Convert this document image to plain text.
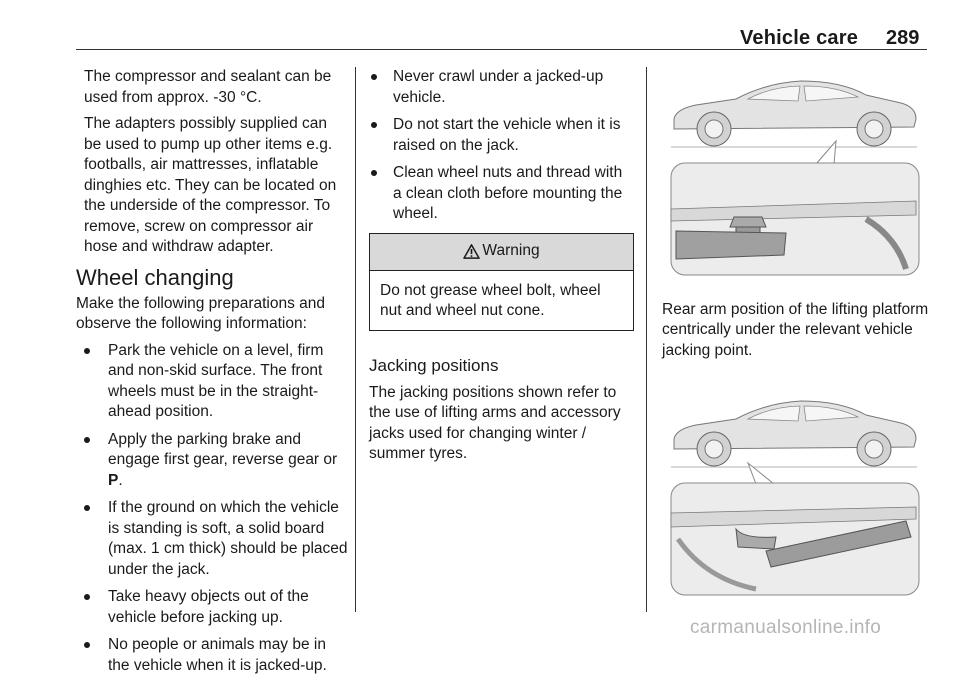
Vehicle care 289

The compressor and sealant can be used from approx. -30 °C.

The adapters possibly supplied can be used to pump up other items e.g. footballs, air mattresses, inflatable dinghies etc. They can be located on the underside of the compressor. To remove, screw on compressor air hose and withdraw adapter.

Wheel changing

Make the following preparations and observe the following information:

Park the vehicle on a level, firm and non-skid surface. The front wheels must be in the straight-ahead position.
Apply the parking brake and engage first gear, reverse gear or
P.
If the ground on which the vehicle is standing is soft, a solid board (max. 1 cm thick) should be placed under the jack.
Take heavy objects out of the vehicle before jacking up.
No people or animals may be in the vehicle when it is jacked-up.
Never crawl under a jacked-up vehicle.
Do not start the vehicle when it is raised on the jack.
Clean wheel nuts and thread with a clean cloth before mounting the wheel.
Warning
Do not grease wheel bolt, wheel nut and wheel nut cone.
Jacking positions

The jacking positions shown refer to the use of lifting arms and accessory jacks used for changing winter / summer tyres.

Rear arm position of the lifting platform centrically under the relevant vehicle jacking point.

carmanualsonline.info
